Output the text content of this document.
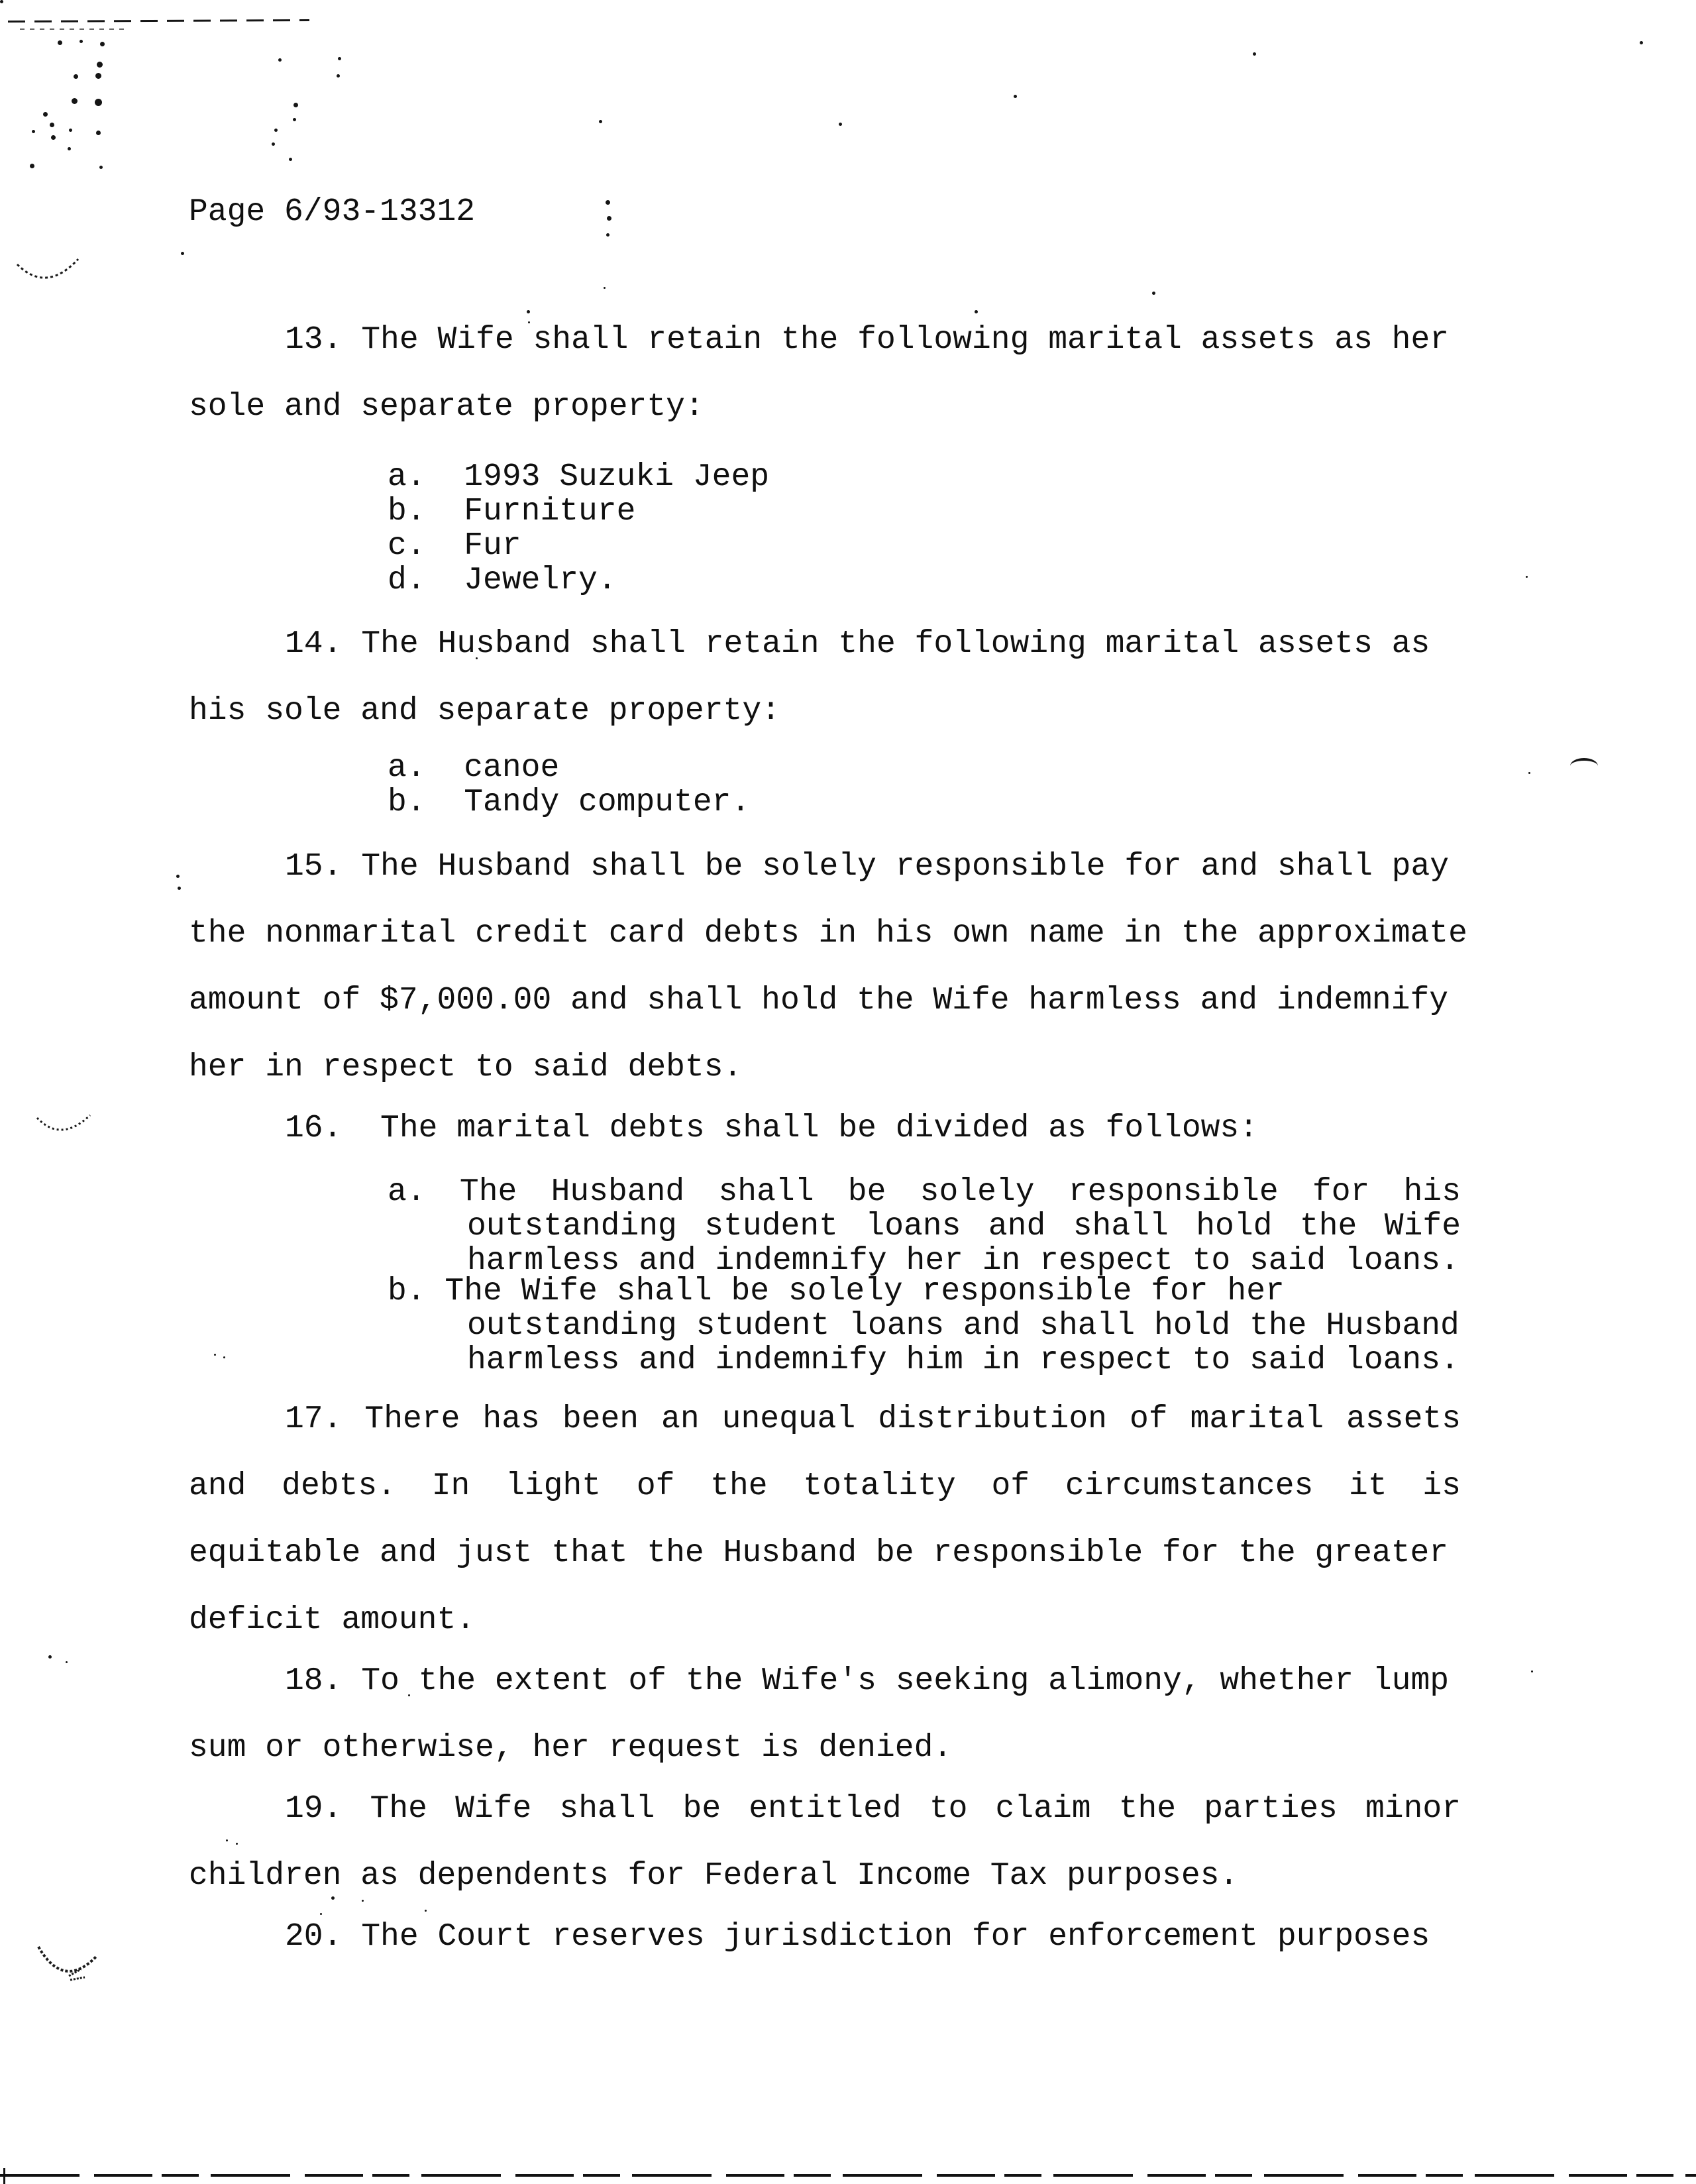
Page 6/93-13312
13. The Wife shall retain the following marital assets as her
sole and separate property:
a.  1993 Suzuki Jeep
b.  Furniture
c.  Fur
d.  Jewelry.
14. The Husband shall retain the following marital assets as
his sole and separate property:
a.  canoe
b.  Tandy computer.
15. The Husband shall be solely responsible for and shall pay
the nonmarital credit card debts in his own name in the approximate
amount of $7,000.00 and shall hold the Wife harmless and indemnify
her in respect to said debts.
16.  The marital debts shall be divided as follows:
a. The Husband shall be solely responsible for his
outstanding student loans and shall hold the Wife
harmless and indemnify her in respect to said loans.
b. The Wife shall be solely responsible for her
outstanding student loans and shall hold the Husband
harmless and indemnify him in respect to said loans.
17. There has been an unequal distribution of marital assets
and debts. In light of the totality of circumstances it is
equitable and just that the Husband be responsible for the greater
deficit amount.
18. To the extent of the Wife's seeking alimony, whether lump
sum or otherwise, her request is denied.
19. The Wife shall be entitled to claim the parties minor
children as dependents for Federal Income Tax purposes.
20. The Court reserves jurisdiction for enforcement purposes
